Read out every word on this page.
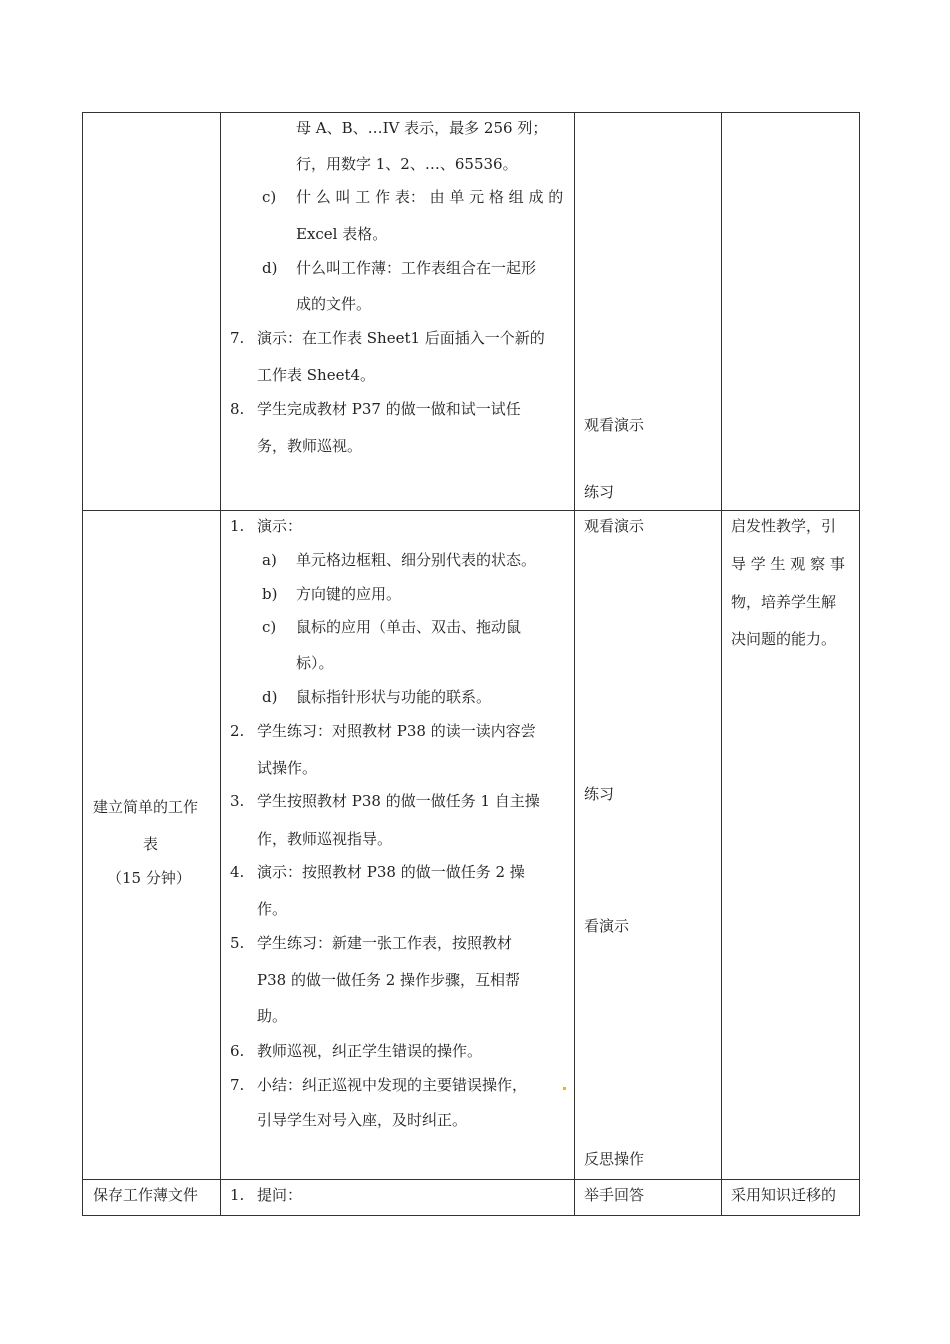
母 A、B、…IV 表示，最多 256 列；
行，用数字 1、2、…、65536。
c) 什 么 叫 工 作 表： 由 单 元 格 组 成 的
Excel 表格。
d) 什么叫工作薄：工作表组合在一起形
成的文件。
7. 演示：在工作表 Sheet1 后面插入一个新的
工作表 Sheet4。
8. 学生完成教材 P37 的做一做和试一试任
务，教师巡视。
观看演示
练习
建立简单的工作
表
（15 分钟）
1. 演示：
a) 单元格边框粗、细分别代表的状态。
b) 方向键的应用。
c) 鼠标的应用（单击、双击、拖动鼠
标）。
d) 鼠标指针形状与功能的联系。
2. 学生练习：对照教材 P38 的读一读内容尝
试操作。
3. 学生按照教材 P38 的做一做任务 1 自主操
作，教师巡视指导。
4. 演示：按照教材 P38 的做一做任务 2 操
作。
5. 学生练习：新建一张工作表，按照教材
P38 的做一做任务 2 操作步骤，互相帮
助。
6. 教师巡视，纠正学生错误的操作。
7. 小结：纠正巡视中发现的主要错误操作，
引导学生对号入座，及时纠正。
观看演示
练习
看演示
反思操作
启发性教学，引
导 学 生 观 察 事
物，培养学生解
决问题的能力。
保存工作薄文件 1. 提问：	举手回答	采用知识迁移的
